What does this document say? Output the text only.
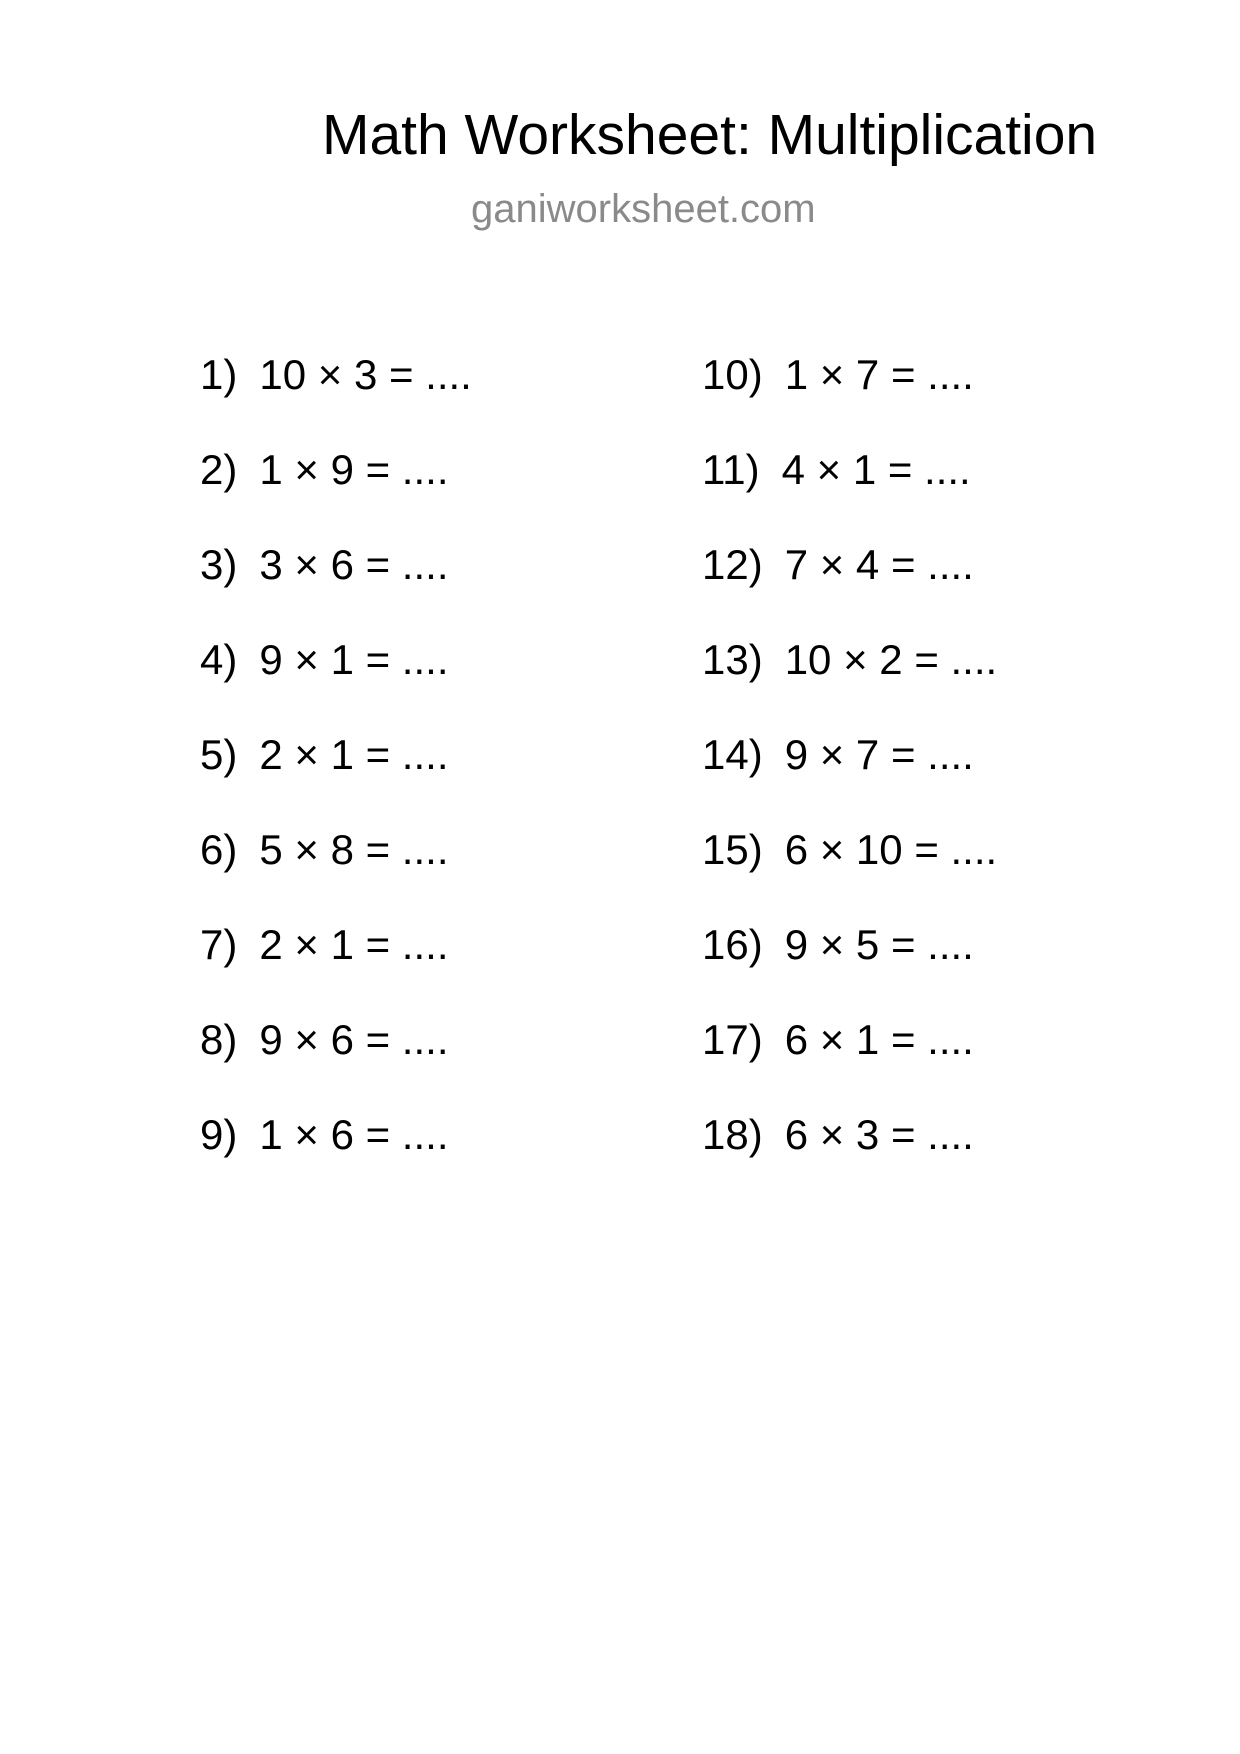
Math Worksheet: Multiplication
ganiworksheet.com
1) 10 × 3 = ....
2) 1 × 9 = ....
3) 3 × 6 = ....
4) 9 × 1 = ....
5) 2 × 1 = ....
6) 5 × 8 = ....
7) 2 × 1 = ....
8) 9 × 6 = ....
9) 1 × 6 = ....
10) 1 × 7 = ....
11) 4 × 1 = ....
12) 7 × 4 = ....
13) 10 × 2 = ....
14) 9 × 7 = ....
15) 6 × 10 = ....
16) 9 × 5 = ....
17) 6 × 1 = ....
18) 6 × 3 = ....
